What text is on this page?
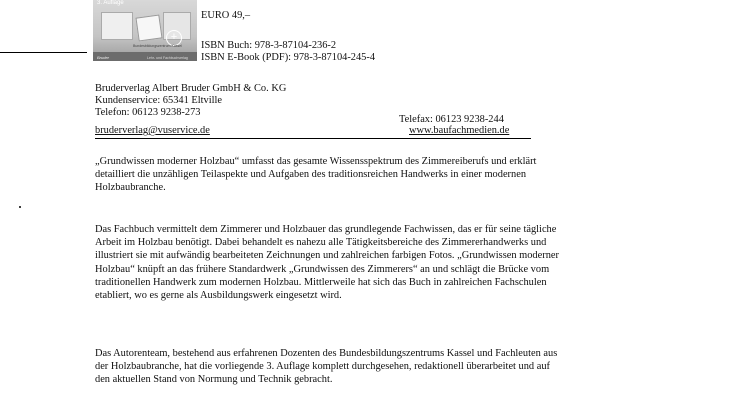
3. Auflage
+
Bundesbildungszentrum Kassel
Bruder	Lehr- und Fachbuchverlag
EURO 49,–
ISBN Buch: 978-3-87104-236-2
ISBN E-Book (PDF): 978-3-87104-245-4
Bruderverlag Albert Bruder GmbH & Co. KG
Kundenservice: 65341 Eltville
Telefon: 06123 9238-273
Telefax: 06123 9238-244
bruderverlag@vuservice.de	www.baufachmedien.de

„Grundwissen moderner Holzbau“ umfasst das gesamte Wissensspektrum des Zimmereiberufs und erklärt detailliert die unzähligen Teilaspekte und Aufgaben des traditionsreichen Handwerks in einer modernen Holzbaubranche.

Das Fachbuch vermittelt dem Zimmerer und Holzbauer das grundlegende Fachwissen, das er für seine tägliche Arbeit im Holzbau benötigt. Dabei behandelt es nahezu alle Tätigkeitsbereiche des Zimmererhandwerks und illustriert sie mit aufwändig bearbeiteten Zeichnungen und zahlreichen farbigen Fotos. „Grundwissen moderner Holzbau“ knüpft an das frühere Standardwerk „Grundwissen des Zimmerers“ an und schlägt die Brücke vom traditionellen Handwerk zum modernen Holzbau. Mittlerweile hat sich das Buch in zahlreichen Fachschulen etabliert, wo es gerne als Ausbildungswerk eingesetzt wird.

Das Autorenteam, bestehend aus erfahrenen Dozenten des Bundesbildungszentrums Kassel und Fachleuten aus der Holzbaubranche, hat die vorliegende 3. Auflage komplett durchgesehen, redaktionell überarbeitet und auf den aktuellen Stand von Normung und Technik gebracht.
